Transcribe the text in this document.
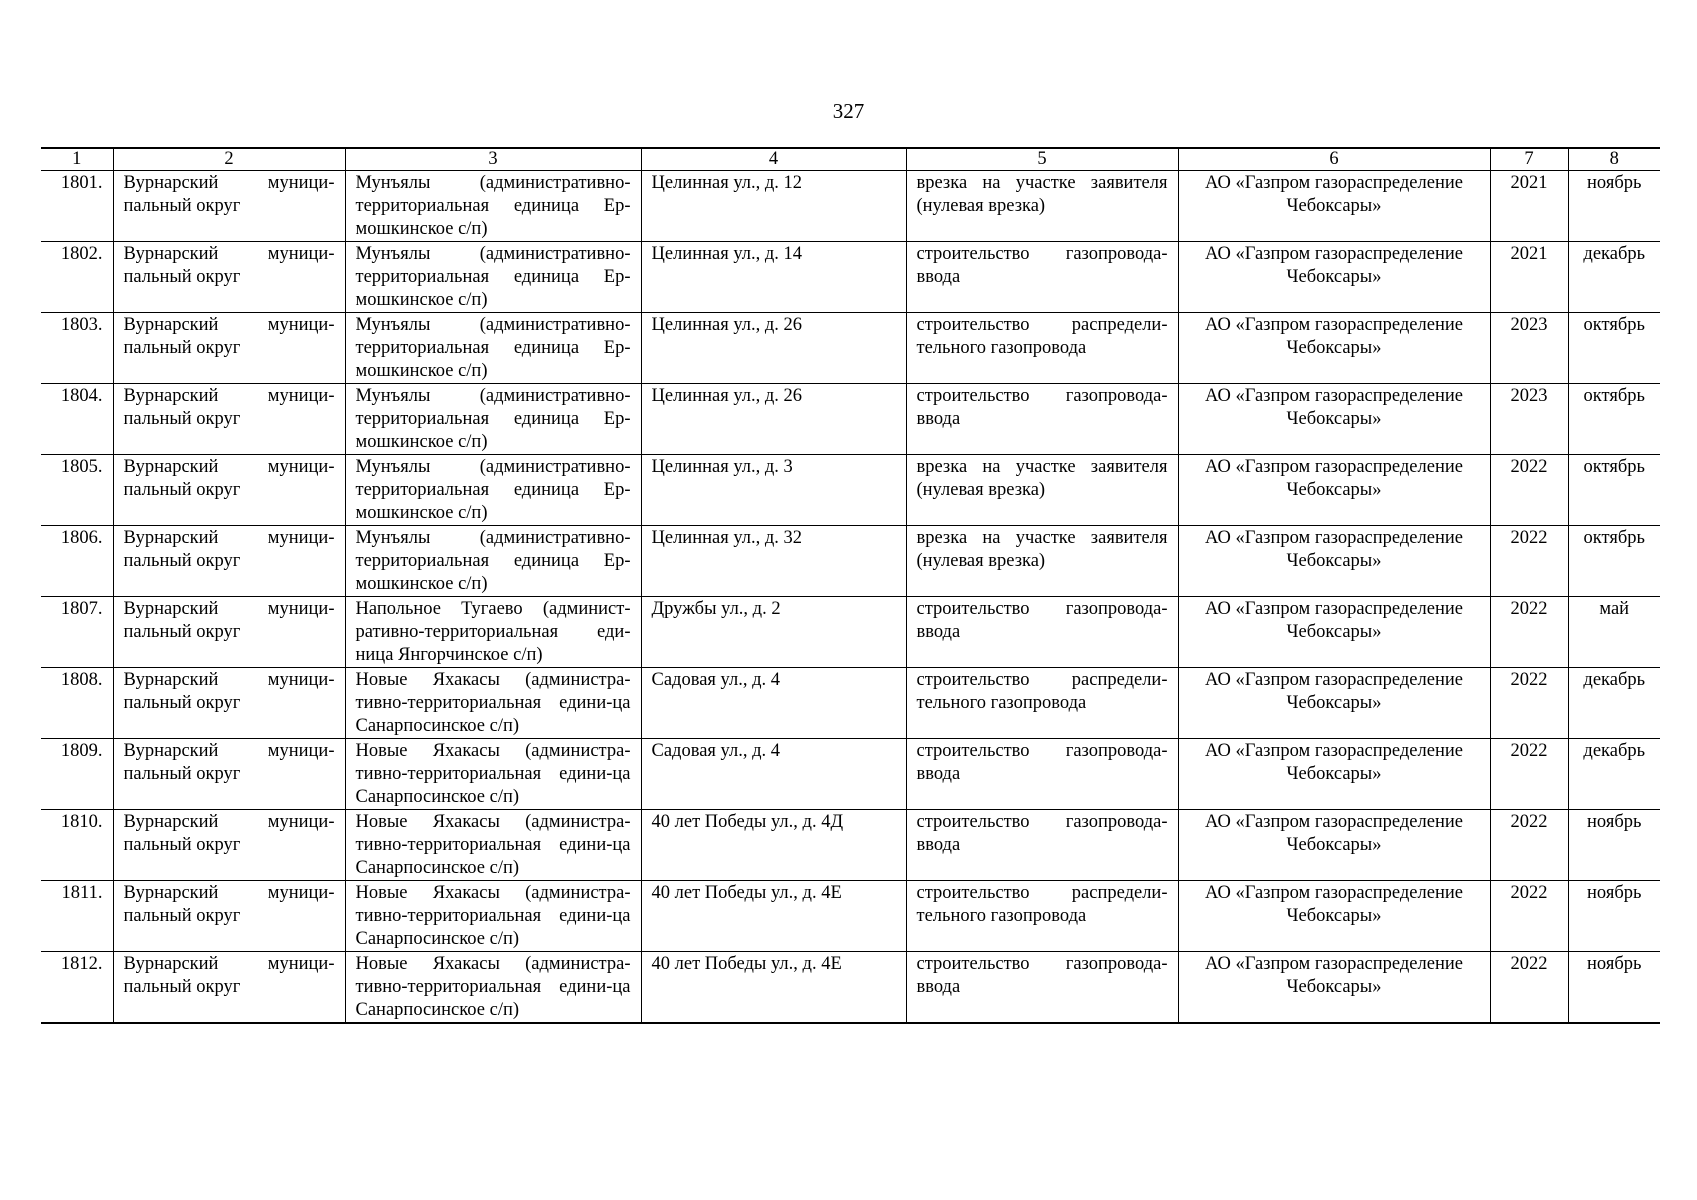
327
1	2	3	4	5	6	7	8
1801.	Вурнарский муници-пальный округ	Мунъялы (административно-территориальная единица Ер-мошкинское с/п)	Целинная ул., д. 12	врезка на участке заявителя (нулевая врезка)	АО «Газпром газораспределение Чебоксары»	2021	ноябрь
1802.	Вурнарский муници-пальный округ	Мунъялы (административно-территориальная единица Ер-мошкинское с/п)	Целинная ул., д. 14	строительство газопровода-ввода	АО «Газпром газораспределение Чебоксары»	2021	декабрь
1803.	Вурнарский муници-пальный округ	Мунъялы (административно-территориальная единица Ер-мошкинское с/п)	Целинная ул., д. 26	строительство распредели-тельного газопровода	АО «Газпром газораспределение Чебоксары»	2023	октябрь
1804.	Вурнарский муници-пальный округ	Мунъялы (административно-территориальная единица Ер-мошкинское с/п)	Целинная ул., д. 26	строительство газопровода-ввода	АО «Газпром газораспределение Чебоксары»	2023	октябрь
1805.	Вурнарский муници-пальный округ	Мунъялы (административно-территориальная единица Ер-мошкинское с/п)	Целинная ул., д. 3	врезка на участке заявителя (нулевая врезка)	АО «Газпром газораспределение Чебоксары»	2022	октябрь
1806.	Вурнарский муници-пальный округ	Мунъялы (административно-территориальная единица Ер-мошкинское с/п)	Целинная ул., д. 32	врезка на участке заявителя (нулевая врезка)	АО «Газпром газораспределение Чебоксары»	2022	октябрь
1807.	Вурнарский муници-пальный округ	Напольное Тугаево (админист-ративно-территориальная еди-ница Янгорчинское с/п)	Дружбы ул., д. 2	строительство газопровода-ввода	АО «Газпром газораспределение Чебоксары»	2022	май
1808.	Вурнарский муници-пальный округ	Новые Яхакасы (администра-тивно-территориальная едини-ца Санарпосинское с/п)	Садовая ул., д. 4	строительство распредели-тельного газопровода	АО «Газпром газораспределение Чебоксары»	2022	декабрь
1809.	Вурнарский муници-пальный округ	Новые Яхакасы (администра-тивно-территориальная едини-ца Санарпосинское с/п)	Садовая ул., д. 4	строительство газопровода-ввода	АО «Газпром газораспределение Чебоксары»	2022	декабрь
1810.	Вурнарский муници-пальный округ	Новые Яхакасы (администра-тивно-территориальная едини-ца Санарпосинское с/п)	40 лет Победы ул., д. 4Д	строительство газопровода-ввода	АО «Газпром газораспределение Чебоксары»	2022	ноябрь
1811.	Вурнарский муници-пальный округ	Новые Яхакасы (администра-тивно-территориальная едини-ца Санарпосинское с/п)	40 лет Победы ул., д. 4Е	строительство распредели-тельного газопровода	АО «Газпром газораспределение Чебоксары»	2022	ноябрь
1812.	Вурнарский муници-пальный округ	Новые Яхакасы (администра-тивно-территориальная едини-ца Санарпосинское с/п)	40 лет Победы ул., д. 4Е	строительство газопровода-ввода	АО «Газпром газораспределение Чебоксары»	2022	ноябрь
